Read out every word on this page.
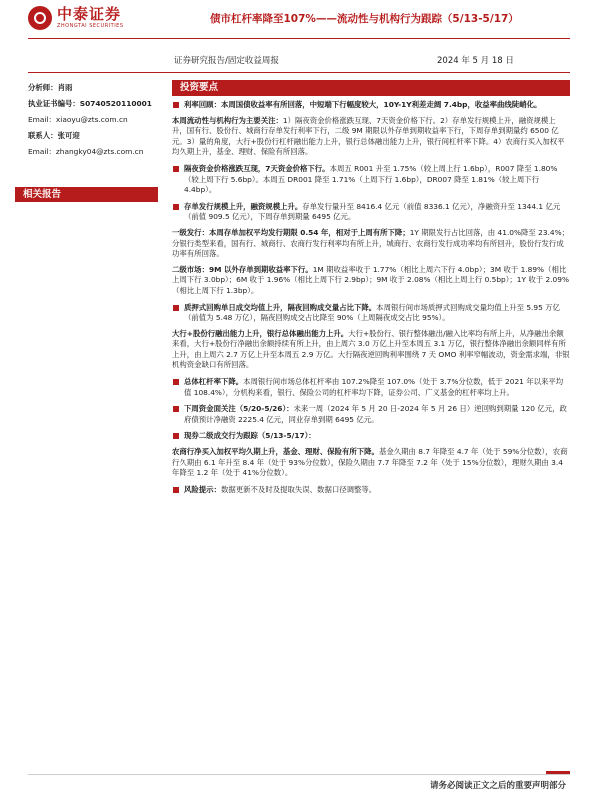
中泰证券
ZHONGTAI SECURITIES
债市杠杆率降至107%——流动性与机构行为跟踪（5/13-5/17）
证券研究报告/固定收益周报	2024 年 5 月 18 日
分析师：肖雨
执业证书编号：S0740520110001
Email：xiaoyu@zts.com.cn
联系人：张可迎
Email：zhangky04@zts.com.cn
相关报告
投资要点
利率回顾：本周国债收益率有所回落，中短端下行幅度较大，10Y-1Y利差走阔 7.4bp，收益率曲线陡峭化。
本周流动性与机构行为主要关注：1）隔夜资金价格涨跌互现、7天资金价格下行。2）存单发行规模上升，融资规模上升，国有行、股份行、城商行存单发行利率下行，二级 9M 期限以外存单到期收益率下行，下周存单到期量约 6500 亿元。3）量的角度，大行+股份行杠杆融出能力上升，银行总体融出能力上升，银行间杠杆率下降。4）农商行买入加权平均久期上升，基金、理财、保险有所回落。
隔夜资金价格涨跌互现，7天资金价格下行。本周五 R001 升至 1.75%（较上周上行 1.6bp），R007 降至 1.80%（较上周下行 5.6bp）。本周五 DR001 降至 1.71%（上周下行 1.6bp），DR007 降至 1.81%（较上周下行 4.4bp）。
存单发行规模上升，融资规模上升。存单发行量升至 8416.4 亿元（前值 8336.1 亿元），净融资升至 1344.1 亿元（前值 909.5 亿元），下周存单到期量 6495 亿元。
一级发行：本周存单加权平均发行期限 0.54 年，相对于上周有所下降；1Y 期限发行占比回落，由 41.0%降至 23.4%；分银行类型来看，国有行、城商行、农商行发行利率均有所上升，城商行、农商行发行成功率均有所回升，股份行发行成功率有所回落。
二级市场：9M 以外存单到期收益率下行。1M 期收益率收于 1.77%（相比上周六下行 4.0bp）；3M 收于 1.89%（相比上周下行 3.0bp）；6M 收于 1.96%（相比上周下行 2.9bp）；9M 收于 2.08%（相比上周上行 0.5bp）；1Y 收于 2.09%（相比上周下行 1.3bp）。
质押式回购单日成交均值上升，隔夜回购成交量占比下降。本周银行间市场质押式回购成交量均值上升至 5.95 万亿（前值为 5.48 万亿），隔夜回购成交占比降至 90%（上周隔夜成交占比 95%）。
大行+股份行融出能力上升，银行总体融出能力上升。大行+股份行、银行整体融出/融入比率均有所上升，从净融出余额来看，大行+股份行净融出余额持续有所上升，由上周六 3.0 万亿上升至本周五 3.1 万亿，银行整体净融出余额同样有所上升，由上周六 2.7 万亿上升至本周五 2.9 万亿。大行隔夜逆回购利率围绕 7 天 OMO 利率窄幅波动，资金需求端，非银机构资金缺口有所回落。
总体杠杆率下降。本周银行间市场总体杠杆率由 107.2%降至 107.0%（处于 3.7%分位数，低于 2021 年以来平均值 108.4%），分机构来看，银行、保险公司的杠杆率均下降，证券公司、广义基金的杠杆率均上升。
下周资金面关注（5/20-5/26）：未来一周（2024 年 5 月 20 日-2024 年 5 月 26 日）逆回购到期量 120 亿元，政府债预计净融资 2225.4 亿元，同业存单到期 6495 亿元。
现券二级成交行为跟踪（5/13-5/17）：
农商行净买入加权平均久期上升，基金、理财、保险有所下降。基金久期由 8.7 年降至 4.7 年（处于 59%分位数），农商行久期由 6.1 年升至 8.4 年（处于 93%分位数），保险久期由 7.7 年降至 7.2 年（处于 15%分位数），理财久期由 3.4 年降至 1.2 年（处于 41%分位数）。
风险提示：数据更新不及时及提取失误、数据口径调整等。
请务必阅读正文之后的重要声明部分
